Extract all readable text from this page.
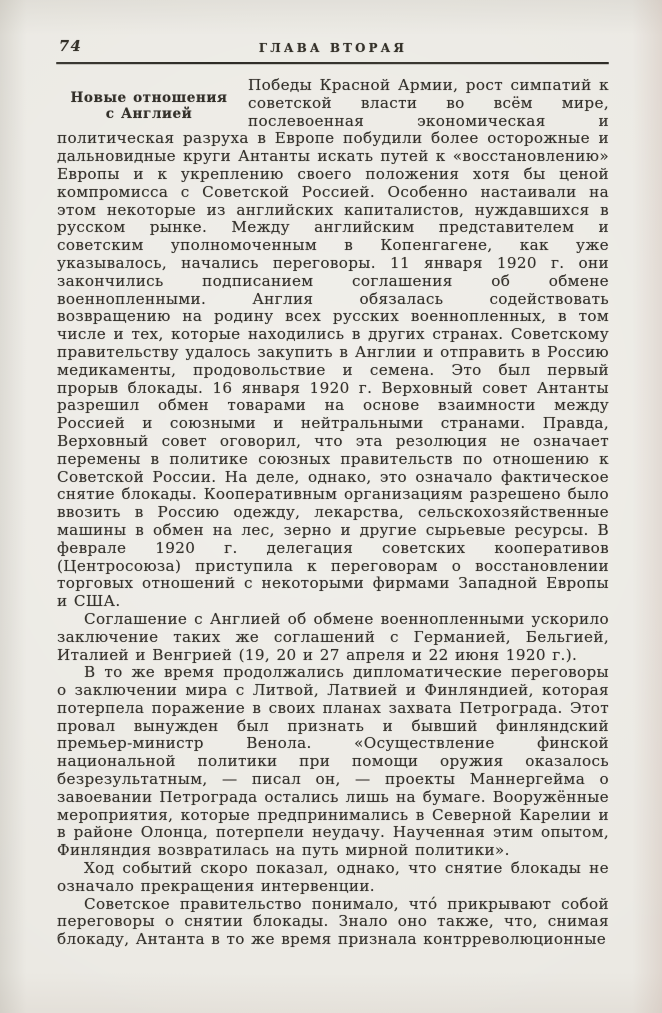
74	ГЛАВА ВТОРАЯ

Новые отношения
с Англией
Победы Красной Армии, рост симпатий к советской власти во всём мире, послевоенная экономическая и политическая разруха в Европе побудили более осторожные и дальновидные круги Антанты искать путей к «восстановлению» Европы и к укреплению своего положения хотя бы ценой компромисса с Советской Россией. Особенно настаивали на этом некоторые из английских капиталистов, нуждавшихся в русском рынке. Между английским представителем и советским уполномоченным в Копенгагене, как уже указывалось, начались переговоры. 11 января 1920 г. они закончились подписанием соглашения об обмене военнопленными. Англия обязалась содействовать возвращению на родину всех русских военнопленных, в том числе и тех, которые находились в других странах. Советскому правительству удалось закупить в Англии и отправить в Россию медикаменты, продовольствие и семена. Это был первый прорыв блокады. 16 января 1920 г. Верховный совет Антанты разрешил обмен товарами на основе взаимности между Россией и союзными и нейтральными странами. Правда, Верховный совет оговорил, что эта резолюция не означает перемены в политике союзных правительств по отношению к Советской России. На деле, однако, это означало фактическое снятие блокады. Кооперативным организациям разрешено было ввозить в Россию одежду, лекарства, сельскохозяйственные машины в обмен на лес, зерно и другие сырьевые ресурсы. В феврале 1920 г. делегация советских кооперативов (Центросоюза) приступила к переговорам о восстановлении торговых отношений с некоторыми фирмами Западной Европы и США.

Соглашение с Англией об обмене военнопленными ускорило заключение таких же соглашений с Германией, Бельгией, Италией и Венгрией (19, 20 и 27 апреля и 22 июня 1920 г.).

В то же время продолжались дипломатические переговоры о заключении мира с Литвой, Латвией и Финляндией, которая потерпела поражение в своих планах захвата Петрограда. Этот провал вынужден был признать и бывший финляндский премьер-министр Венола. «Осуществление финской национальной политики при помощи оружия оказалось безрезультатным, — писал он, — проекты Маннергейма о завоевании Петрограда остались лишь на бумаге. Вооружённые мероприятия, которые предпринимались в Северной Карелии и в районе Олонца, потерпели неудачу. Наученная этим опытом, Финляндия возвратилась на путь мирной политики».

Ход событий скоро показал, однако, что снятие блокады не означало прекращения интервенции.

Советское правительство понимало, что́ прикрывают собой переговоры о снятии блокады. Знало оно также, что, снимая блокаду, Антанта в то же время признала контрреволюционные
